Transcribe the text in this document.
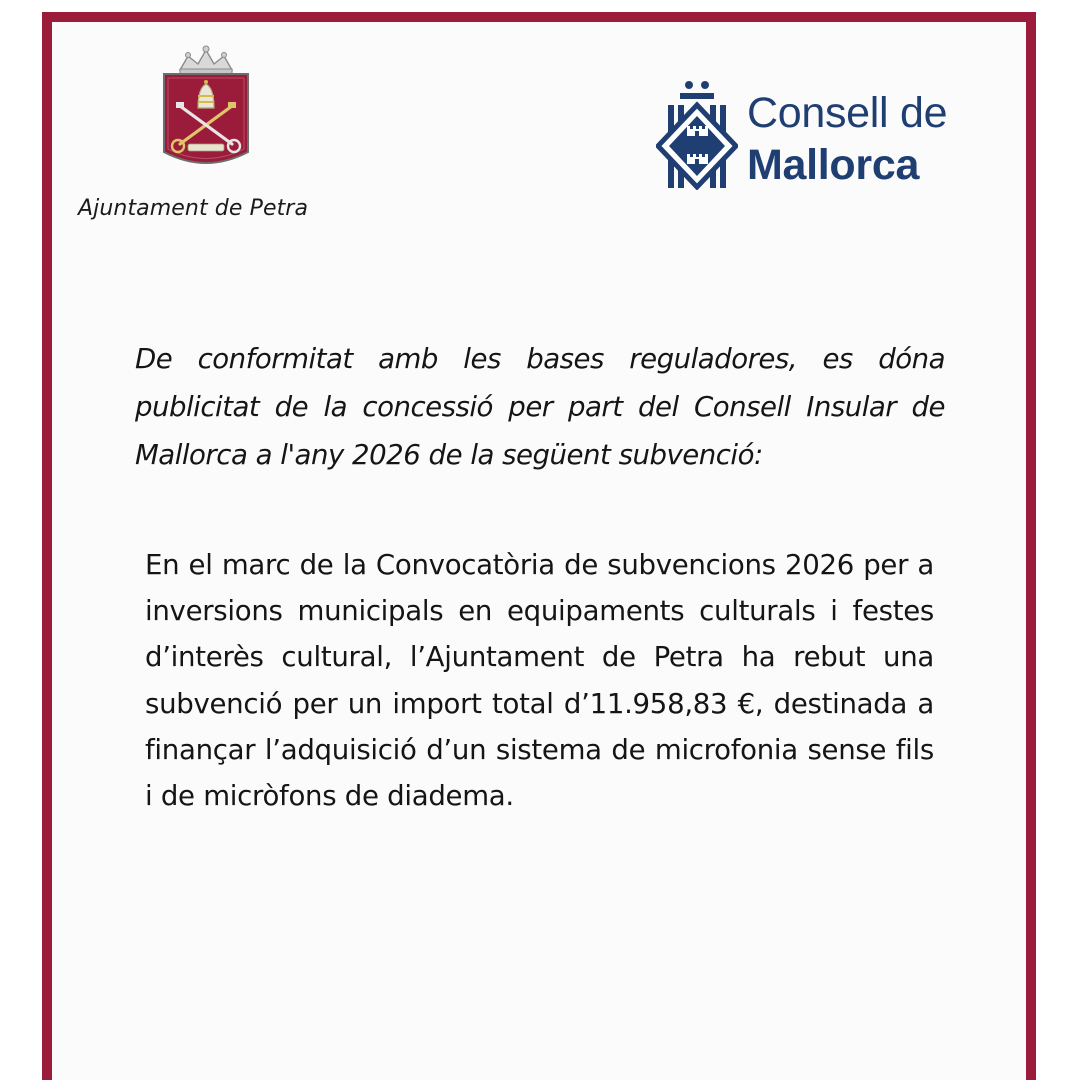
Ajuntament de Petra
Consell de
Mallorca

De conformitat amb les bases reguladores, es dóna publicitat de la concessió per part del Consell Insular de Mallorca a l'any 2026 de la següent subvenció:

En el marc de la Convocatòria de subvencions 2026 per a inversions municipals en equipaments culturals i festes d’interès cultural, l’Ajuntament de Petra ha rebut una subvenció per un import total d’11.958,83 €, destinada a finançar l’adquisició d’un sistema de microfonia sense fils i de micròfons de diadema.
